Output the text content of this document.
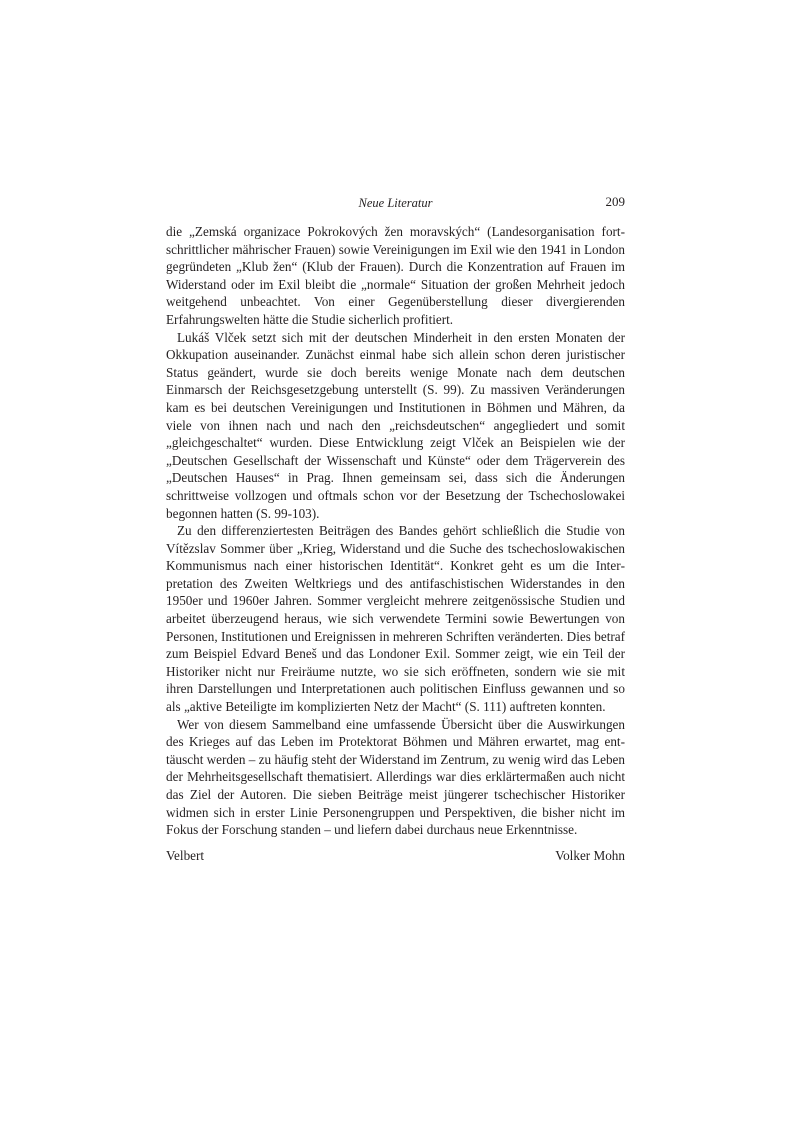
Neue Literatur	209

die „Zemská organizace Pokrokových žen moravských“ (Landesorganisation fortschrittlicher mährischer Frauen) sowie Vereinigungen im Exil wie den 1941 in London gegründeten „Klub žen“ (Klub der Frauen). Durch die Konzentration auf Frauen im Widerstand oder im Exil bleibt die „normale“ Situation der großen Mehrheit jedoch weitgehend unbeachtet. Von einer Gegenüberstellung dieser divergierenden Erfahrungswelten hätte die Studie sicherlich profitiert.

Lukáš Vlček setzt sich mit der deutschen Minderheit in den ersten Monaten der Okkupation auseinander. Zunächst einmal habe sich allein schon deren juristischer Status geändert, wurde sie doch bereits wenige Monate nach dem deutschen Einmarsch der Reichsgesetzgebung unterstellt (S. 99). Zu massiven Veränderungen kam es bei deutschen Vereinigungen und Institutionen in Böhmen und Mähren, da viele von ihnen nach und nach den „reichsdeutschen“ angegliedert und somit „gleichgeschaltet“ wurden. Diese Entwicklung zeigt Vlček an Beispielen wie der „Deutschen Gesellschaft der Wissenschaft und Künste“ oder dem Trägerverein des „Deutschen Hauses“ in Prag. Ihnen gemeinsam sei, dass sich die Änderungen schrittweise vollzogen und oftmals schon vor der Besetzung der Tschechoslowakei begonnen hatten (S. 99-103).

Zu den differenziertesten Beiträgen des Bandes gehört schließlich die Studie von Vítězslav Sommer über „Krieg, Widerstand und die Suche des tschechoslowakischen Kommunismus nach einer historischen Identität“. Konkret geht es um die Interpretation des Zweiten Weltkriegs und des antifaschistischen Widerstandes in den 1950er und 1960er Jahren. Sommer vergleicht mehrere zeitgenössische Studien und arbeitet überzeugend heraus, wie sich verwendete Termini sowie Bewertungen von Personen, Institutionen und Ereignissen in mehreren Schriften veränderten. Dies betraf zum Beispiel Edvard Beneš und das Londoner Exil. Sommer zeigt, wie ein Teil der Historiker nicht nur Freiräume nutzte, wo sie sich eröffneten, sondern wie sie mit ihren Darstellungen und Interpretationen auch politischen Einfluss gewannen und so als „aktive Beteiligte im komplizierten Netz der Macht“ (S. 111) auftreten konnten.

Wer von diesem Sammelband eine umfassende Übersicht über die Auswirkungen des Krieges auf das Leben im Protektorat Böhmen und Mähren erwartet, mag enttäuscht werden – zu häufig steht der Widerstand im Zentrum, zu wenig wird das Leben der Mehrheitsgesellschaft thematisiert. Allerdings war dies erklärtermaßen auch nicht das Ziel der Autoren. Die sieben Beiträge meist jüngerer tschechischer Historiker widmen sich in erster Linie Personengruppen und Perspektiven, die bisher nicht im Fokus der Forschung standen – und liefern dabei durchaus neue Erkenntnisse.

Velbert	Volker Mohn
